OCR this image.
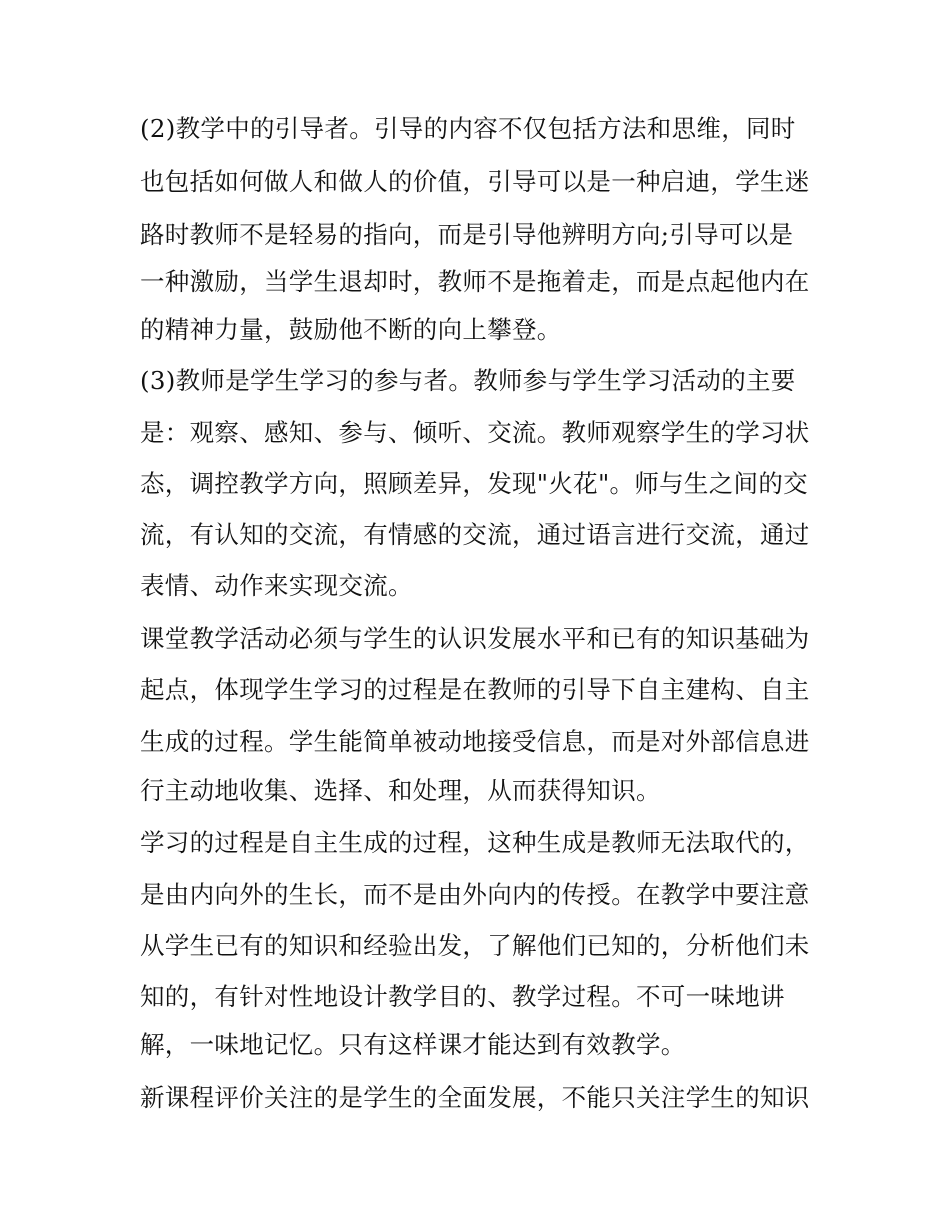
(2)教学中的引导者。引导的内容不仅包括方法和思维，同时
也包括如何做人和做人的价值，引导可以是一种启迪，学生迷
路时教师不是轻易的指向，而是引导他辨明方向;引导可以是
一种激励，当学生退却时，教师不是拖着走，而是点起他内在
的精神力量，鼓励他不断的向上攀登。
(3)教师是学生学习的参与者。教师参与学生学习活动的主要
是：观察、感知、参与、倾听、交流。教师观察学生的学习状
态，调控教学方向，照顾差异，发现"火花"。师与生之间的交
流，有认知的交流，有情感的交流，通过语言进行交流，通过
表情、动作来实现交流。
课堂教学活动必须与学生的认识发展水平和已有的知识基础为
起点，体现学生学习的过程是在教师的引导下自主建构、自主
生成的过程。学生能简单被动地接受信息，而是对外部信息进
行主动地收集、选择、和处理，从而获得知识。
学习的过程是自主生成的过程，这种生成是教师无法取代的，
是由内向外的生长，而不是由外向内的传授。在教学中要注意
从学生已有的知识和经验出发，了解他们已知的，分析他们未
知的，有针对性地设计教学目的、教学过程。不可一味地讲
解，一味地记忆。只有这样课才能达到有效教学。
新课程评价关注的是学生的全面发展，不能只关注学生的知识
